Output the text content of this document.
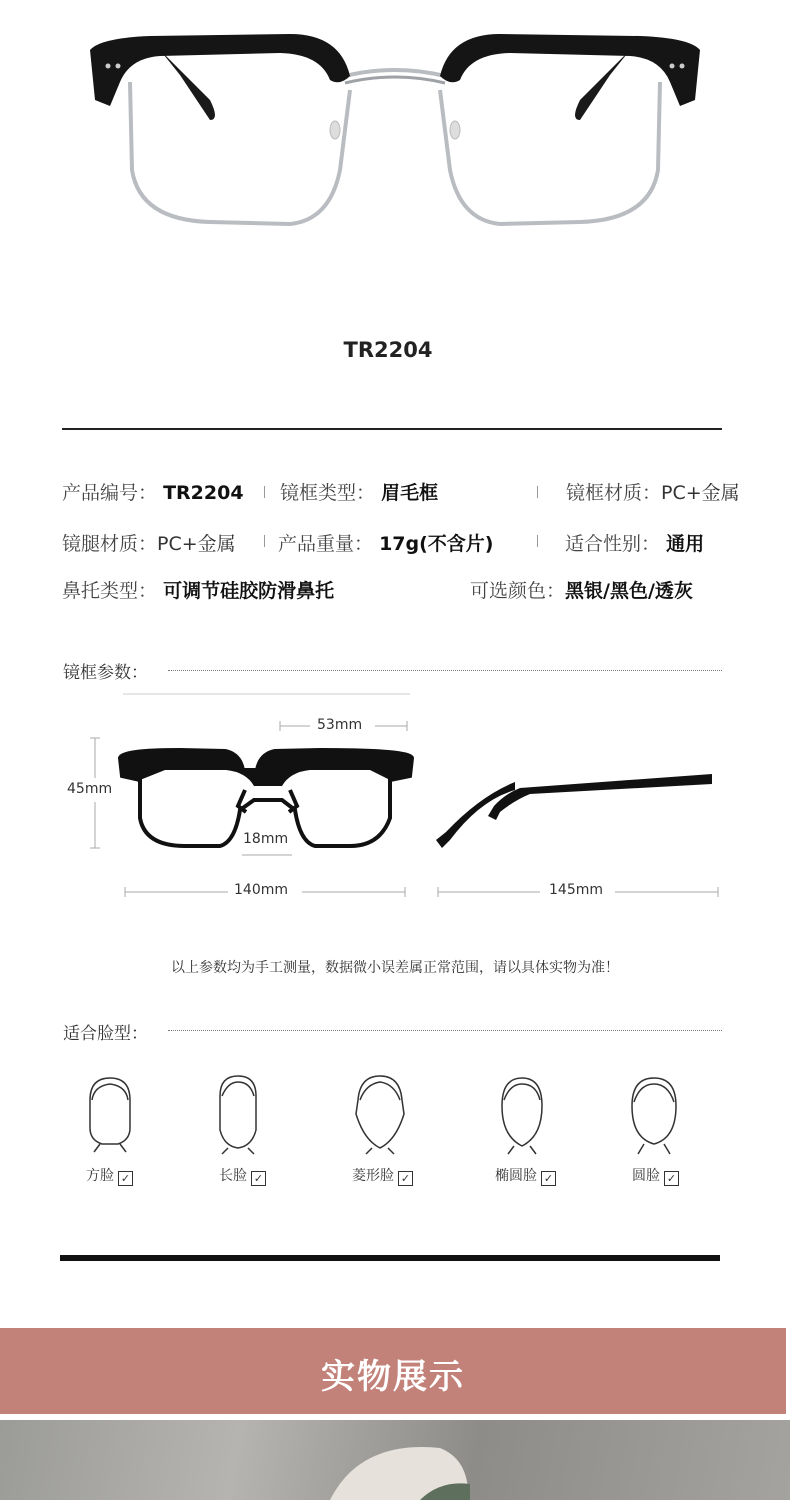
TR2204
产品编号： TR2204 镜框类型： 眉毛框	镜框材质：PC+金属
镜腿材质：PC+金属 产品重量： 17g(不含片)	适合性别： 通用
鼻托类型： 可调节硅胶防滑鼻托	可选颜色：黑银/黑色/透灰
镜框参数：
53mm
45mm
18mm
140mm	145mm
以上参数均为手工测量，数据微小误差属正常范围，请以具体实物为准！
适合脸型：
方脸 ✓	长脸 ✓	菱形脸 ✓	椭圆脸 ✓	圆脸 ✓
实物展示
